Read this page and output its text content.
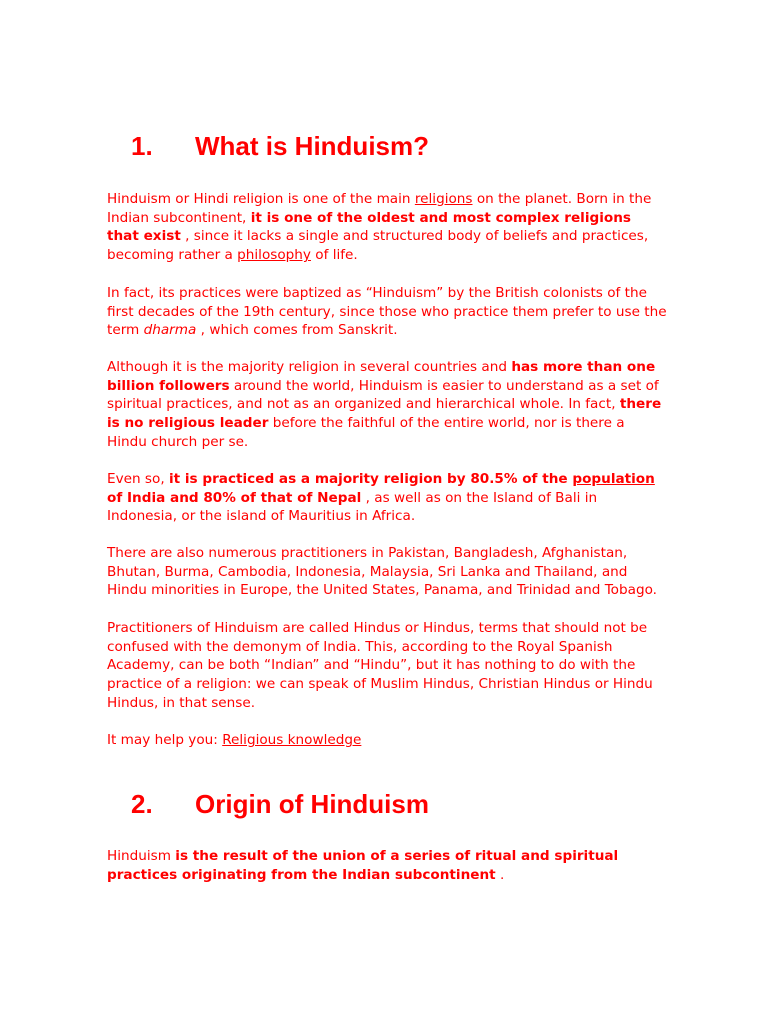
1. What is Hinduism?

Hinduism or Hindi religion is one of the main religions on the planet. Born in the Indian subcontinent, it is one of the oldest and most complex religions that exist , since it lacks a single and structured body of beliefs and practices, becoming rather a philosophy of life.

In fact, its practices were baptized as “Hinduism” by the British colonists of the first decades of the 19th century, since those who practice them prefer to use the term dharma , which comes from Sanskrit.

Although it is the majority religion in several countries and has more than one billion followers around the world, Hinduism is easier to understand as a set of spiritual practices, and not as an organized and hierarchical whole. In fact, there is no religious leader before the faithful of the entire world, nor is there a Hindu church per se.

Even so, it is practiced as a majority religion by 80.5% of the population of India and 80% of that of Nepal , as well as on the Island of Bali in Indonesia, or the island of Mauritius in Africa.

There are also numerous practitioners in Pakistan, Bangladesh, Afghanistan, Bhutan, Burma, Cambodia, Indonesia, Malaysia, Sri Lanka and Thailand, and Hindu minorities in Europe, the United States, Panama, and Trinidad and Tobago.

Practitioners of Hinduism are called Hindus or Hindus, terms that should not be confused with the demonym of India. This, according to the Royal Spanish Academy, can be both “Indian” and “Hindu”, but it has nothing to do with the practice of a religion: we can speak of Muslim Hindus, Christian Hindus or Hindu Hindus, in that sense.

It may help you: Religious knowledge

2. Origin of Hinduism

Hinduism is the result of the union of a series of ritual and spiritual practices originating from the Indian subcontinent .
